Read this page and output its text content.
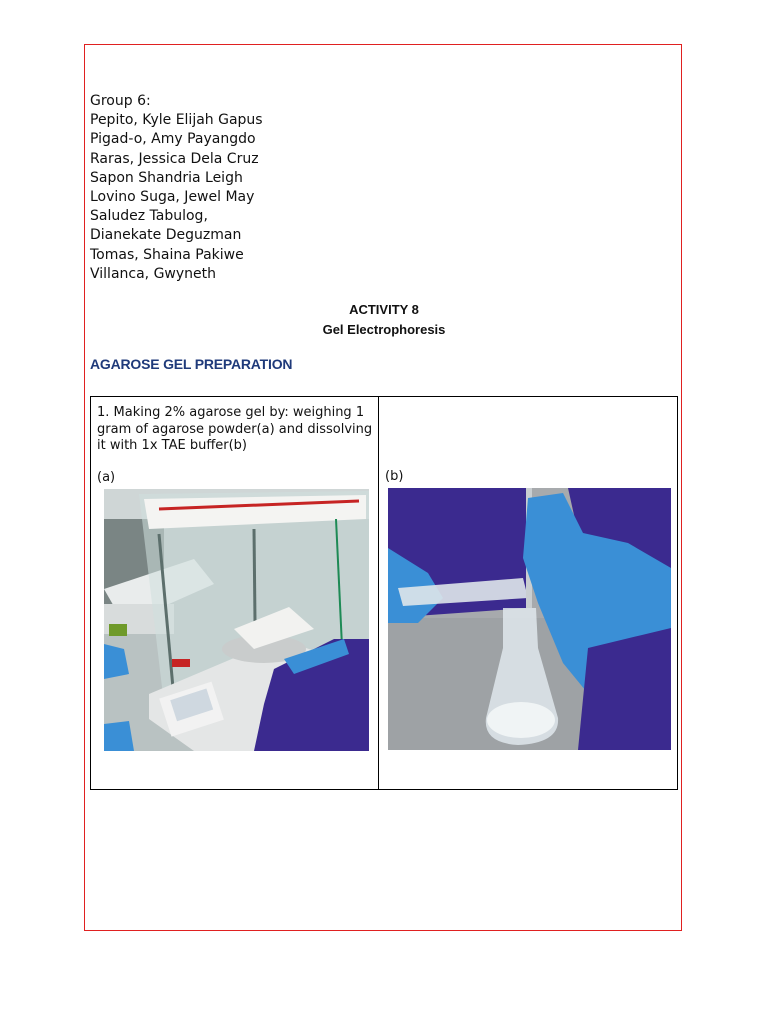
Group 6:
Pepito, Kyle Elijah Gapus
Pigad-o, Amy Payangdo
Raras, Jessica Dela Cruz
Sapon Shandria Leigh
Lovino Suga, Jewel May
Saludez Tabulog,
Dianekate Deguzman
Tomas, Shaina Pakiwe
Villanca, Gwyneth
ACTIVITY 8
Gel Electrophoresis
AGAROSE GEL PREPARATION
1. Making 2% agarose gel by: weighing 1 gram of agarose powder(a) and dissolving it with 1x TAE buffer(b)
(a)	(b)
